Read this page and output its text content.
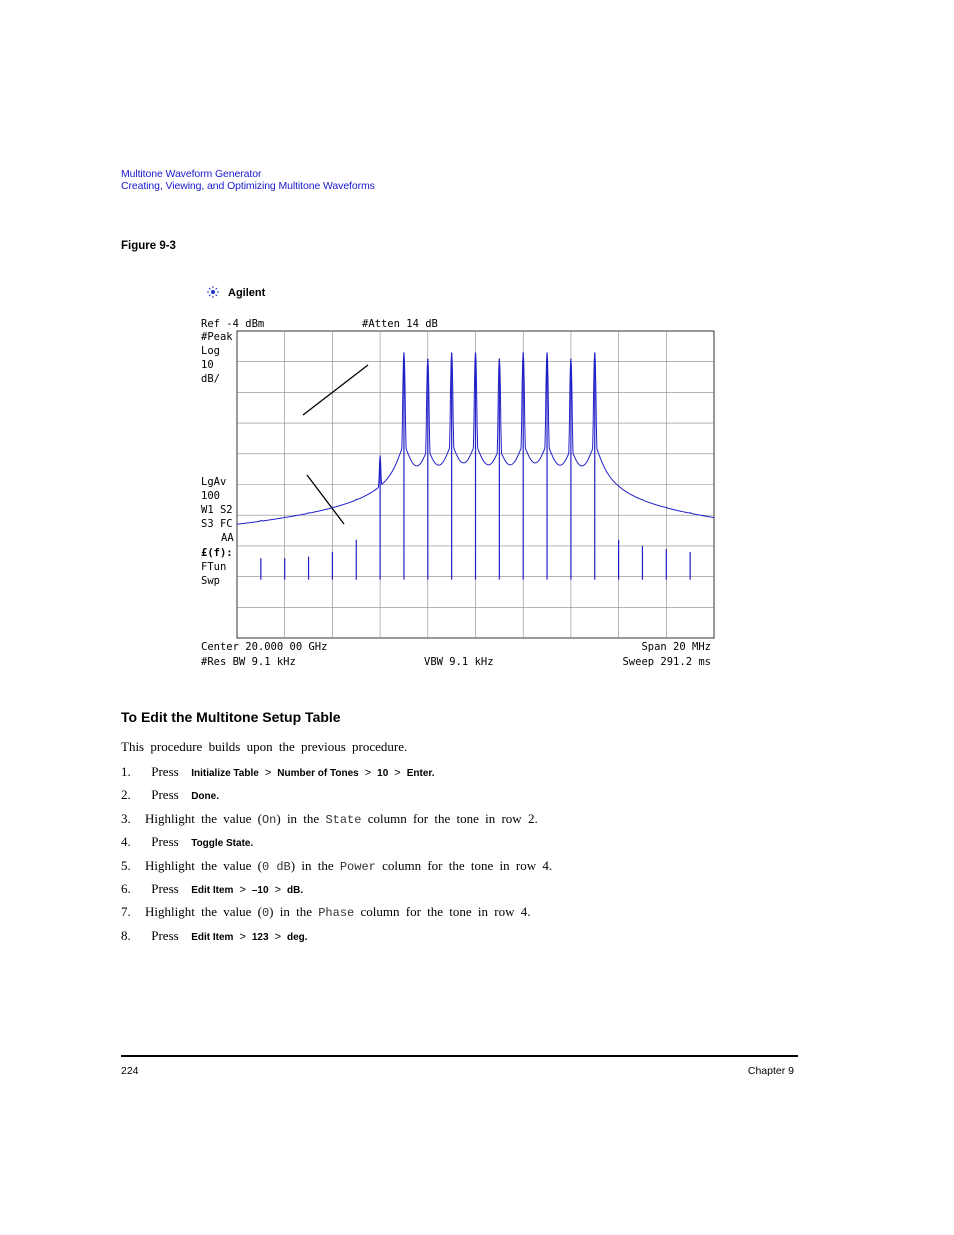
Multitone Waveform Generator
Creating, Viewing, and Optimizing Multitone Waveforms
Figure 9-3
Agilent
Ref -4 dBm
#Peak
Log
10
dB/
LgAv
100
W1 S2
S3 FC
AA
£(f):
FTun
Swp
#Atten 14 dB
Center 20.000 00 GHz
#Res BW 9.1 kHz	VBW 9.1 kHz
Span 20 MHz
Sweep 291.2 ms
To Edit the Multitone Setup Table
This procedure builds upon the previous procedure.
1. Press Initialize Table > Number of Tones > 10 > Enter.
2. Press Done.
3. Highlight the value (On) in the State column for the tone in row 2.
4. Press Toggle State.
5. Highlight the value (0 dB) in the Power column for the tone in row 4.
6. Press Edit Item > –10 > dB.
7. Highlight the value (0) in the Phase column for the tone in row 4.
8. Press Edit Item > 123 > deg.
224	Chapter 9
